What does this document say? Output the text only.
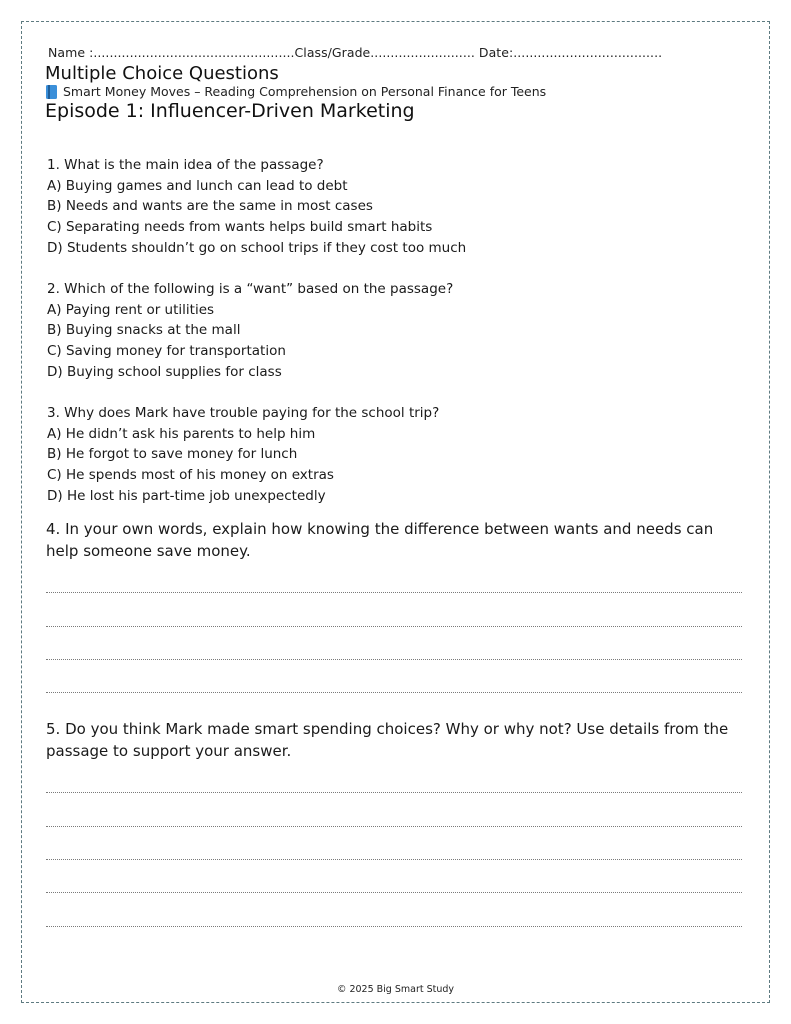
Name :..................................................Class/Grade.......................... Date:.....................................
Multiple Choice Questions
Smart Money Moves – Reading Comprehension on Personal Finance for Teens
Episode 1: Influencer-Driven Marketing
1. What is the main idea of the passage?
A) Buying games and lunch can lead to debt
B) Needs and wants are the same in most cases
C) Separating needs from wants helps build smart habits
D) Students shouldn’t go on school trips if they cost too much
2. Which of the following is a “want” based on the passage?
A) Paying rent or utilities
B) Buying snacks at the mall
C) Saving money for transportation
D) Buying school supplies for class
3. Why does Mark have trouble paying for the school trip?
A) He didn’t ask his parents to help him
B) He forgot to save money for lunch
C) He spends most of his money on extras
D) He lost his part-time job unexpectedly
4. In your own words, explain how knowing the difference between wants and needs can help someone save money.
5. Do you think Mark made smart spending choices? Why or why not? Use details from the passage to support your answer.
© 2025 Big Smart Study
